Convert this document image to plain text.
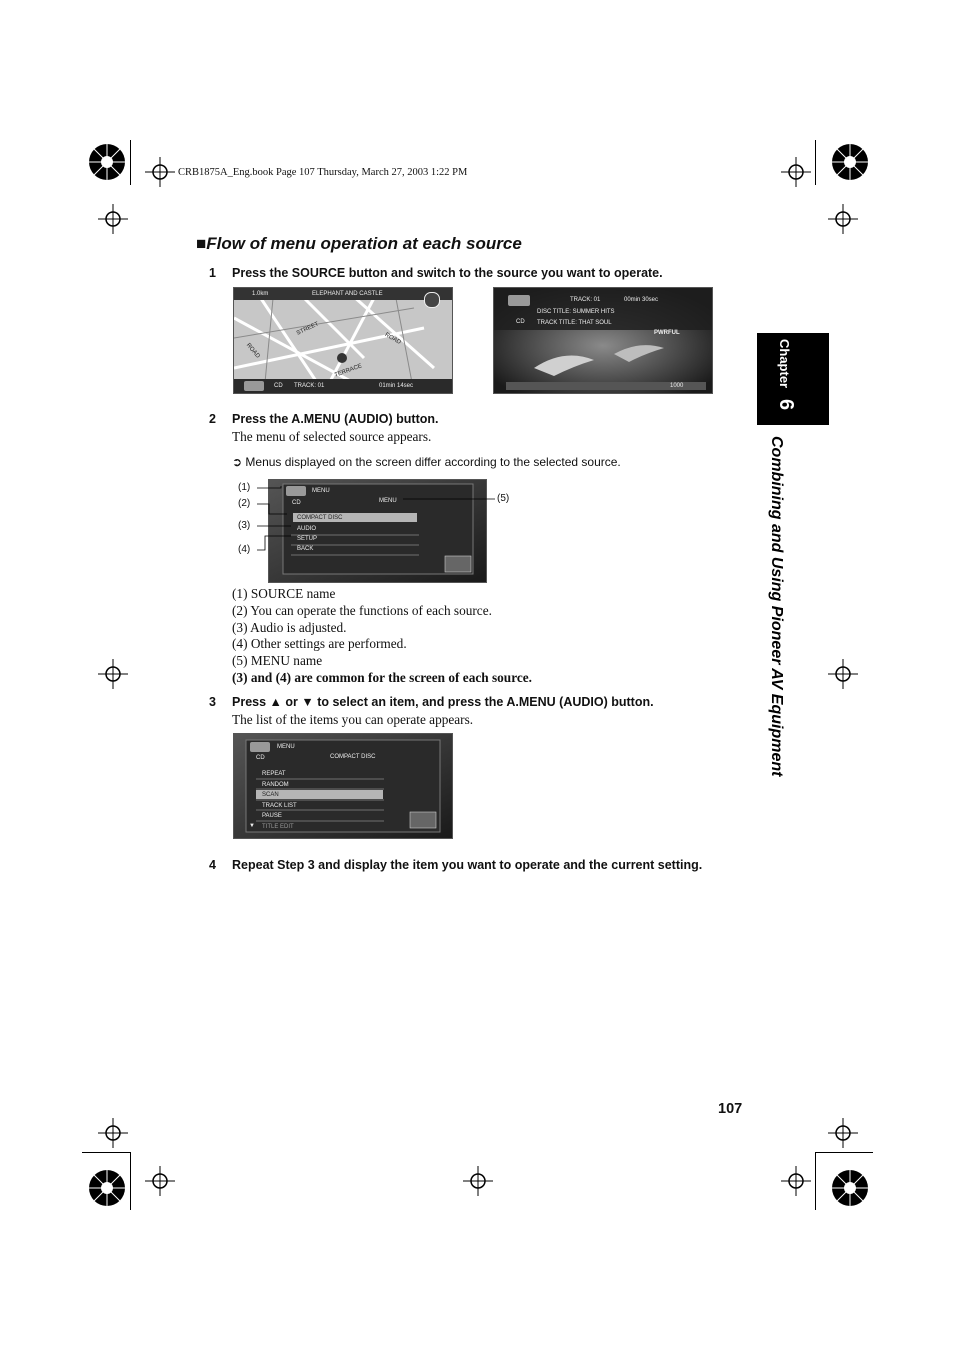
CRB1875A_Eng.book Page 107 Thursday, March 27, 2003 1:22 PM
■Flow of menu operation at each source
1 Press the SOURCE button and switch to the source you want to operate.
1.0km	ELEPHANT AND CASTLE
STREET
ROAD
TERRACE
ROAD
CD TRACK: 01	01min 14sec
TRACK: 01	00min 30sec
DISC TITLE: SUMMER HITS
CD TRACK TITLE: THAT SOUL
PWRFUL
1000
2 Press the A.MENU (AUDIO) button.
The menu of selected source appears.
➲ Menus displayed on the screen differ according to the selected source.
MENU
CD	MENU
COMPACT DISC
AUDIO
SETUP
BACK
(1)
(2)
(3)
(4)
(5)
(1) SOURCE name
(2) You can operate the functions of each source.
(3) Audio is adjusted.
(4) Other settings are performed.
(5) MENU name
(3) and (4) are common for the screen of each source.
3 Press ▲ or ▼ to select an item, and press the A.MENU (AUDIO) button.
The list of the items you can operate appears.
MENU
CD	COMPACT DISC
REPEAT
RANDOM
SCAN
TRACK LIST
PAUSE
TITLE EDIT
▼
4 Repeat Step 3 and display the item you want to operate and the current setting.
Chapter
6
Combining and Using Pioneer AV Equipment
107
